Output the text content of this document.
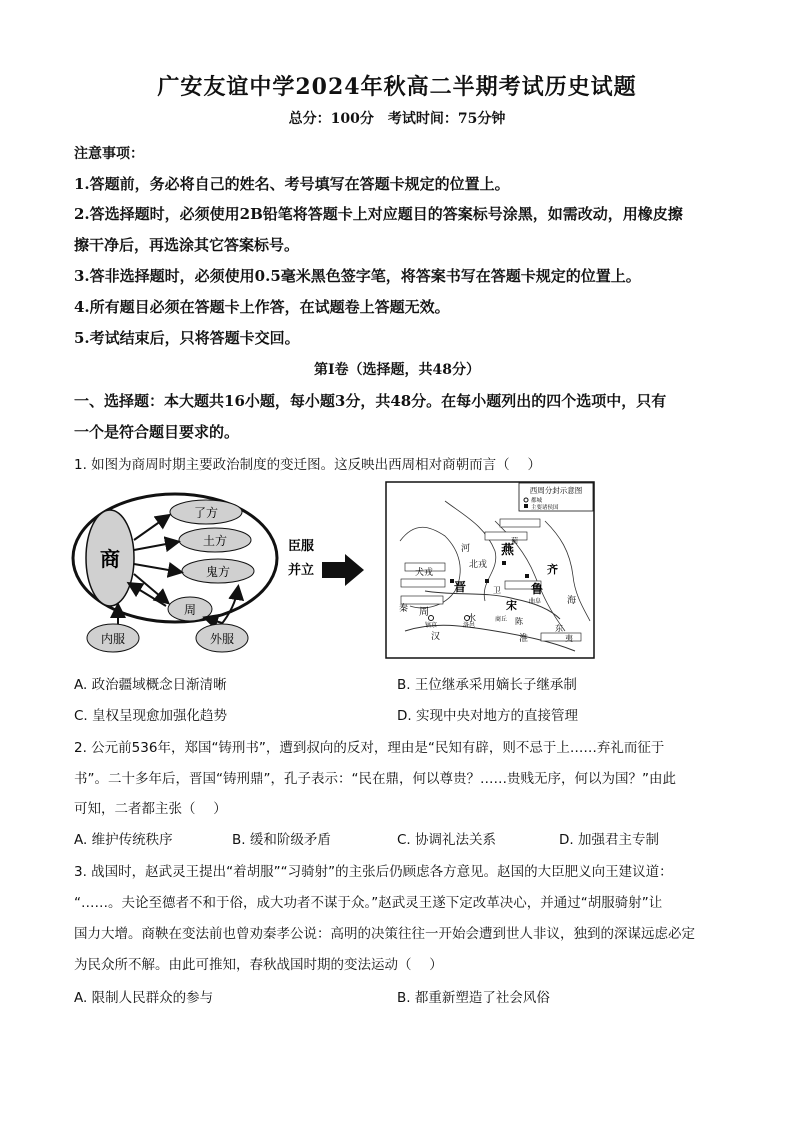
广安友谊中学2024年秋高二半期考试历史试题
总分：100分　考试时间：75分钟
注意事项：
1.答题前，务必将自己的姓名、考号填写在答题卡规定的位置上。
2.答选择题时，必须使用2B铅笔将答题卡上对应题目的答案标号涂黑，如需改动，用橡皮擦
擦干净后，再选涂其它答案标号。
3.答非选择题时，必须使用0.5毫米黑色签字笔，将答案书写在答题卡规定的位置上。
4.所有题目必须在答题卡上作答，在试题卷上答题无效。
5.考试结束后，只将答题卡交回。
第Ⅰ卷（选择题，共48分）
一、选择题：本大题共16小题，每小题3分，共48分。在每小题列出的四个选项中，只有
一个是符合题目要求的。
1. 如图为商周时期主要政治制度的变迁图。这反映出西周相对商朝而言（　 ）
商
了方
土方
鬼方
周
内服	外服
臣服
并立
西周分封示意图
都城
主要诸侯国
燕
蓟
晋	鲁
齐
宋
卫
陈
秦 周
犬戎
北戎
河
水
汉	淮
海
东
夷
镐京	洛邑
商丘
曲阜
A. 政治疆域概念日渐清晰	B. 王位继承采用嫡长子继承制
C. 皇权呈现愈加强化趋势	D. 实现中央对地方的直接管理
2. 公元前536年，郑国“铸刑书”，遭到叔向的反对，理由是“民知有辟，则不忌于上……弃礼而征于
书”。二十多年后，晋国“铸刑鼎”，孔子表示：“民在鼎，何以尊贵？……贵贱无序，何以为国？”由此
可知，二者都主张（　 ）
A. 维护传统秩序	B. 缓和阶级矛盾	C. 协调礼法关系	D. 加强君主专制
3. 战国时，赵武灵王提出“着胡服”“习骑射”的主张后仍顾虑各方意见。赵国的大臣肥义向王建议道：
“……。夫论至德者不和于俗，成大功者不谋于众。”赵武灵王遂下定改革决心，并通过“胡服骑射”让
国力大增。商鞅在变法前也曾劝秦孝公说：高明的决策往往一开始会遭到世人非议，独到的深谋远虑必定
为民众所不解。由此可推知，春秋战国时期的变法运动（　 ）
A. 限制人民群众的参与	B. 都重新塑造了社会风俗
